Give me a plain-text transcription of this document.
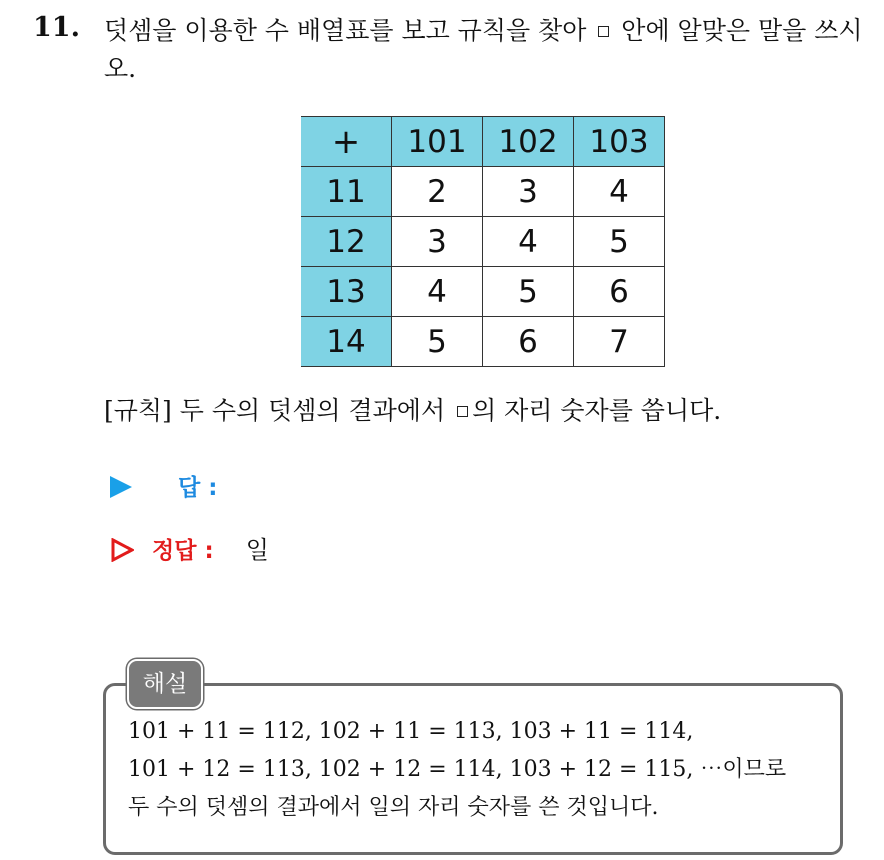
11. 덧셈을 이용한 수 배열표를 보고 규칙을 찾아 안에 알맞은 말을 쓰시오.
+	101	102	103
11	2	3	4
12	3	4	5
13	4	5	6
14	5	6	7
[규칙] 두 수의 덧셈의 결과에서 의 자리 숫자를 씁니다.
답 :
정답 : 일
해설
101 + 11 = 112, 102 + 11 = 113, 103 + 11 = 114,
101 + 12 = 113, 102 + 12 = 114, 103 + 12 = 115, ⋯이므로
두 수의 덧셈의 결과에서 일의 자리 숫자를 쓴 것입니다.
